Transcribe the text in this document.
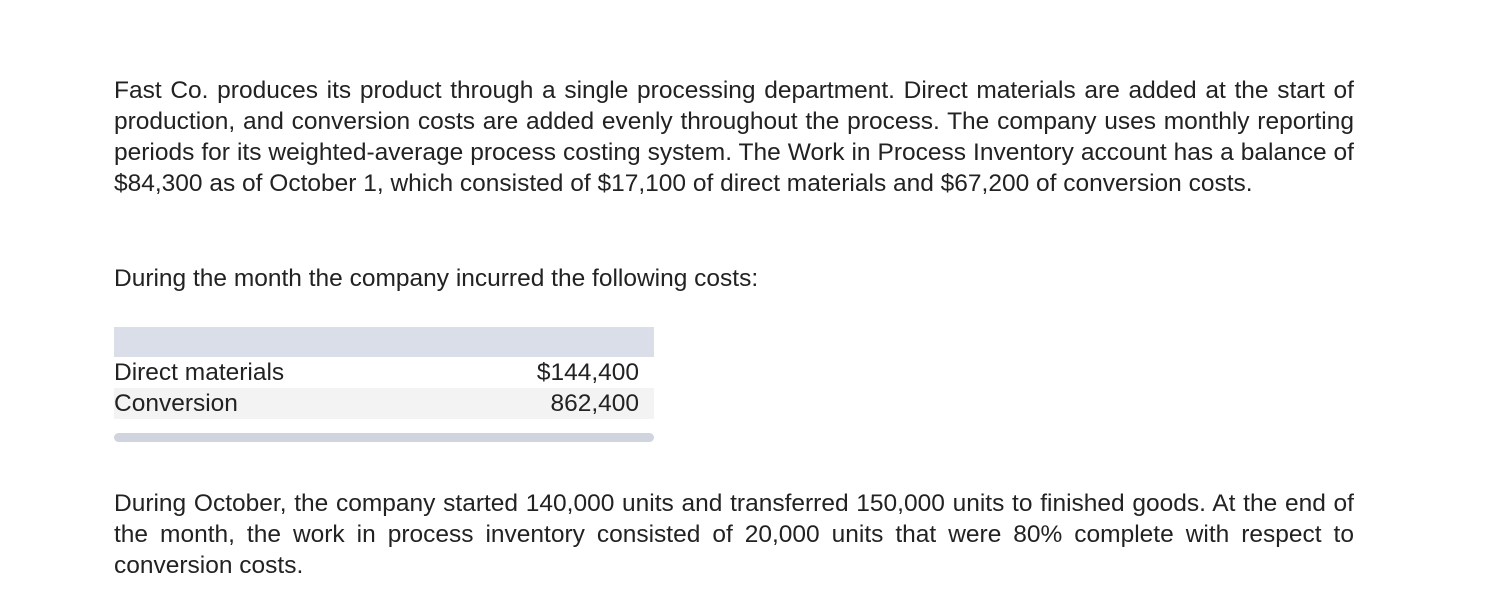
Fast Co. produces its product through a single processing department. Direct materials are added at the start of production, and conversion costs are added evenly throughout the process. The company uses monthly reporting periods for its weighted-average process costing system. The Work in Process Inventory account has a balance of $84,300 as of October 1, which consisted of $17,100 of direct materials and $67,200 of conversion costs.

During the month the company incurred the following costs:

Direct materials	$144,400
Conversion	862,400

During October, the company started 140,000 units and transferred 150,000 units to finished goods. At the end of the month, the work in process inventory consisted of 20,000 units that were 80% complete with respect to conversion costs.
